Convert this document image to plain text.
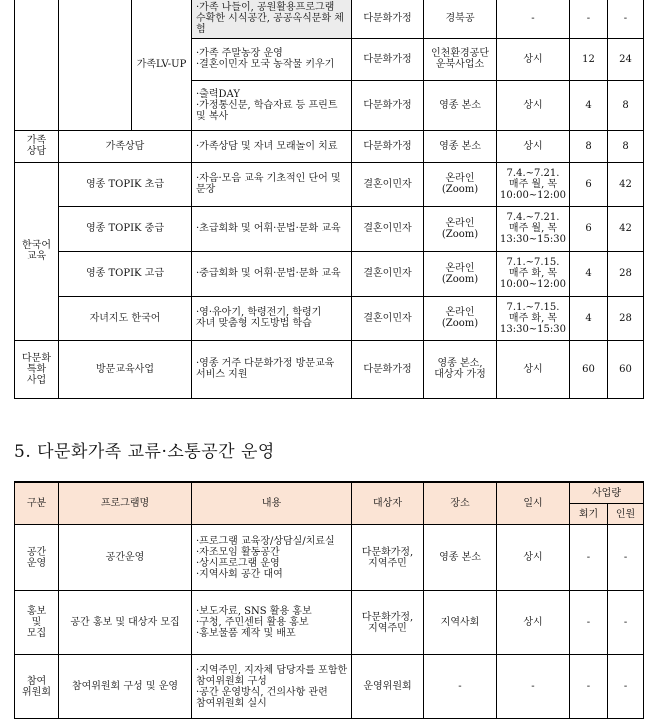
		가족LV-UP	·가족 나들이, 공원활용프로그램
수확한 시식공간, 공공옥식문화 체험	다문화가정	경북공	-	-	-
			·가족 주말농장 운영
·결혼이민자 모국 농작물 키우기	다문화가정	인천환경공단
운북사업소	상시	12	24
			·출력DAY
·가정통신문, 학습자료 등 프린트
및 복사	다문화가정	영종 본소	상시	4	8
가족
상담	가족상담		·가족상담 및 자녀 모래놀이 치료	다문화가정	영종 본소	상시	8	8
한국어
교육	영종 TOPIK 초급		·자음·모음 교육 기초적인 단어 및
문장	결혼이민자	온라인
(Zoom)	7.4.~7.21.
매주 월, 목
10:00~12:00	6	42
	영종 TOPIK 중급		·초급회화 및 어휘·문법·문화 교육	결혼이민자	온라인
(Zoom)	7.4.~7.21.
매주 월, 목
13:30~15:30	6	42
	영종 TOPIK 고급		·중급회화 및 어휘·문법·문화 교육	결혼이민자	온라인
(Zoom)	7.1.~7.15.
매주 화, 목
10:00~12:00	4	28
	자녀지도 한국어		·영·유아기, 학령전기, 학령기
자녀 맞춤형 지도방법 학습	결혼이민자	온라인
(Zoom)	7.1.~7.15.
매주 화, 목
13:30~15:30	4	28
다문화
특화
사업	방문교육사업		·영종 거주 다문화가정 방문교육
서비스 지원	다문화가정	영종 본소,
대상자 가정	상시	60	60
5. 다문화가족 교류·소통공간 운영
구분	프로그램명	내용	대상자	장소	일시	사업량	
						회기	인원
공간
운영	공간운영	·프로그램 교육장/상담실/치료실
·자조모임 활동공간
·상시프로그램 운영
·지역사회 공간 대여	다문화가정,
지역주민	영종 본소	상시	-	-
홍보
및
모집	공간 홍보 및 대상자 모집	·보도자료, SNS 활용 홍보
·구청, 주민센터 활용 홍보
·홍보물품 제작 및 배포	다문화가정,
지역주민	지역사회	상시	-	-
참여
위원회	참여위원회 구성 및 운영	·지역주민, 지자체 담당자를 포함한
참여위원회 구성
·공간 운영방식, 건의사항 관련
참여위원회 실시	운영위원회	-	-	-	-
